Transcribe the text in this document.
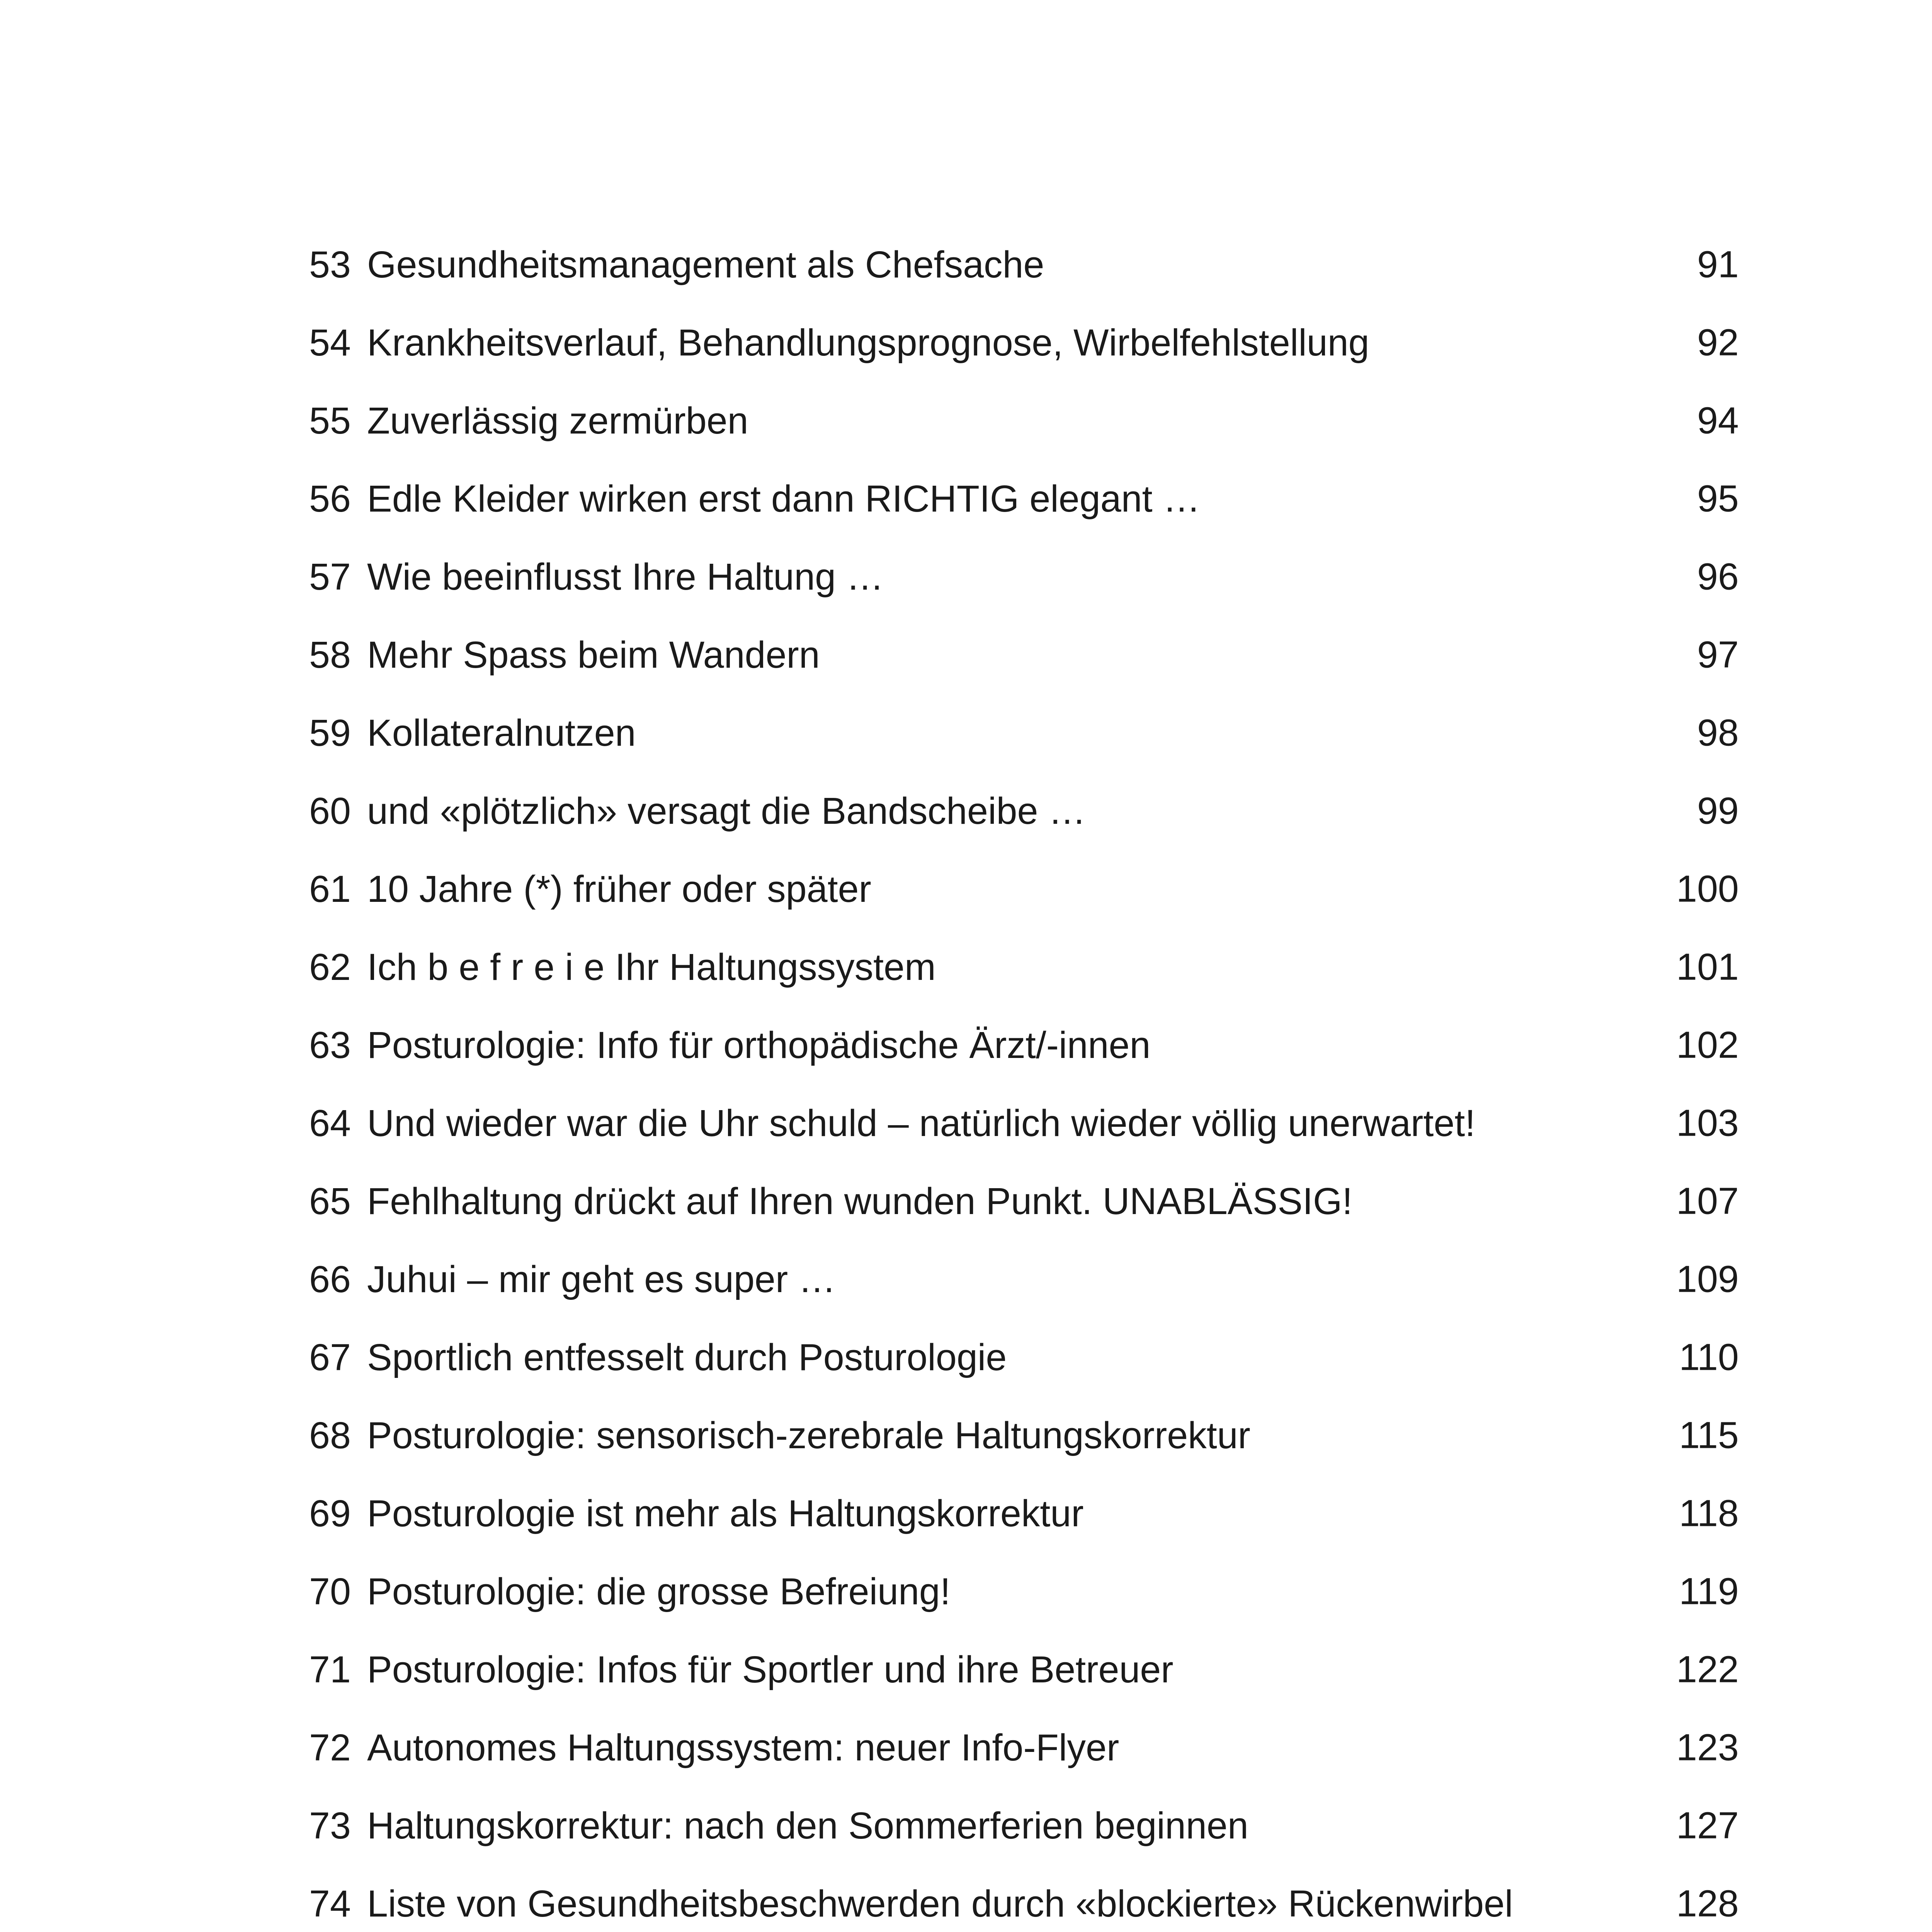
53 Gesundheitsmanagement als Chefsache	91
54 Krankheitsverlauf, Behandlungsprognose, Wirbelfehlstellung	92
55 Zuverlässig zermürben	94
56 Edle Kleider wirken erst dann RICHTIG elegant …	95
57 Wie beeinflusst Ihre Haltung …	96
58 Mehr Spass beim Wandern	97
59 Kollateralnutzen	98
60 und «plötzlich» versagt die Bandscheibe …	99
61 10 Jahre (*) früher oder später	100
62 Ich b e f r e i e Ihr Haltungssystem	101
63 Posturologie: Info für orthopädische Ärzt/-innen	102
64 Und wieder war die Uhr schuld – natürlich wieder völlig unerwartet!	103
65 Fehlhaltung drückt auf Ihren wunden Punkt. UNABLÄSSIG!	107
66 Juhui – mir geht es super …	109
67 Sportlich entfesselt durch Posturologie	110
68 Posturologie: sensorisch-zerebrale Haltungskorrektur	115
69 Posturologie ist mehr als Haltungskorrektur	118
70 Posturologie: die grosse Befreiung!	119
71 Posturologie: Infos für Sportler und ihre Betreuer	122
72 Autonomes Haltungssystem: neuer Info-Flyer	123
73 Haltungskorrektur: nach den Sommerferien beginnen	127
74 Liste von Gesundheitsbeschwerden durch «blockierte» Rückenwirbel	128
